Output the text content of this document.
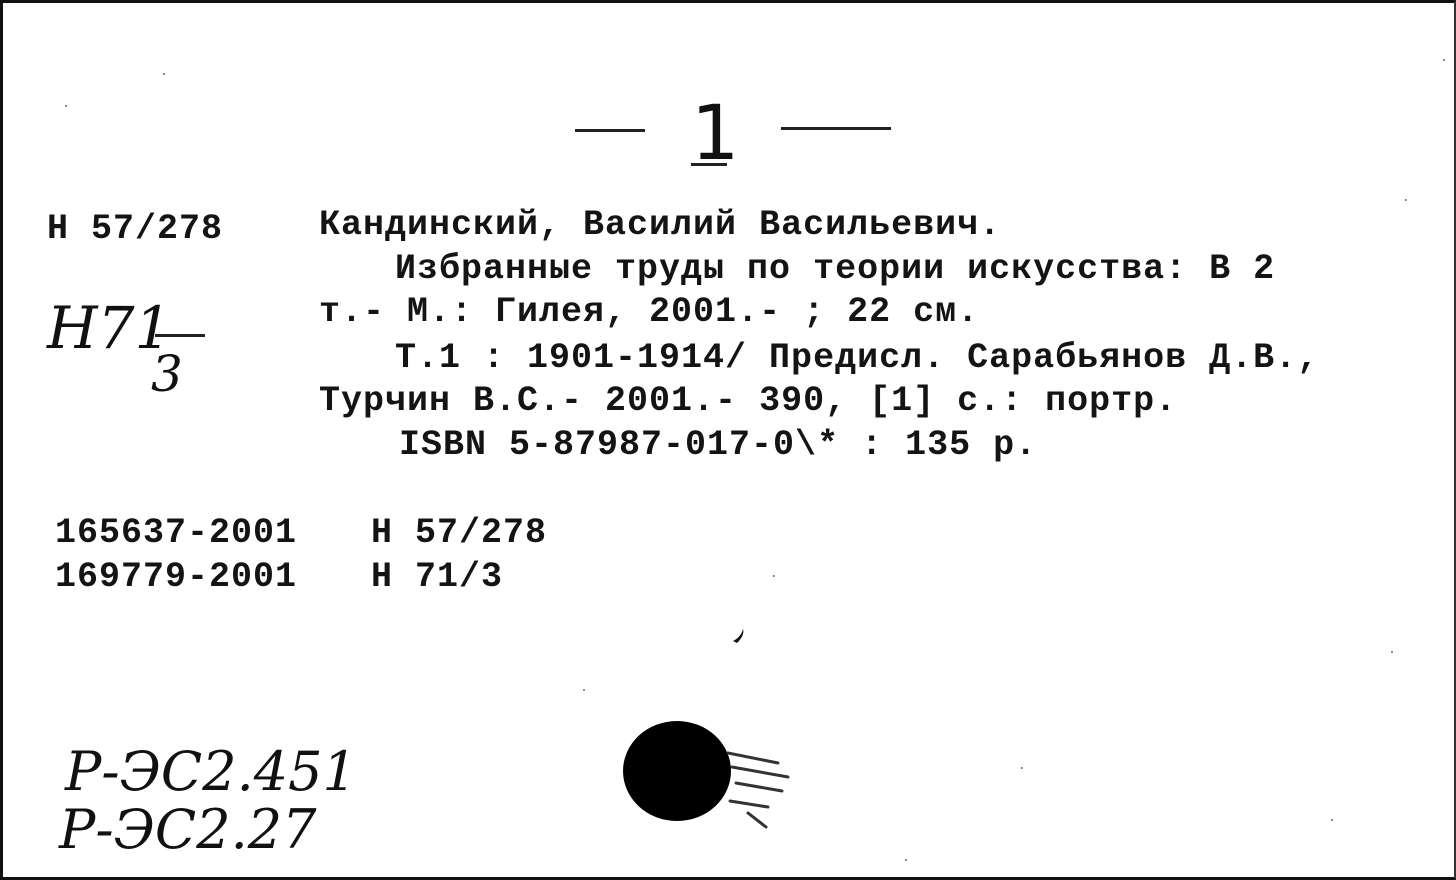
1
Н 57/278
Н71
3
Кандинский, Василий Васильевич.
Избранные труды по теории искусства: В 2
т.- М.: Гилея, 2001.- ; 22 см.
Т.1 : 1901-1914/ Предисл. Сарабьянов Д.В.,
Турчин В.С.- 2001.- 390, [1] с.: портр.
ISBN 5-87987-017-0\* : 135 р.
165637-2001 Н 57/278
169779-2001 Н 71/3
Р-ЭС2.451
Р-ЭС2.27
